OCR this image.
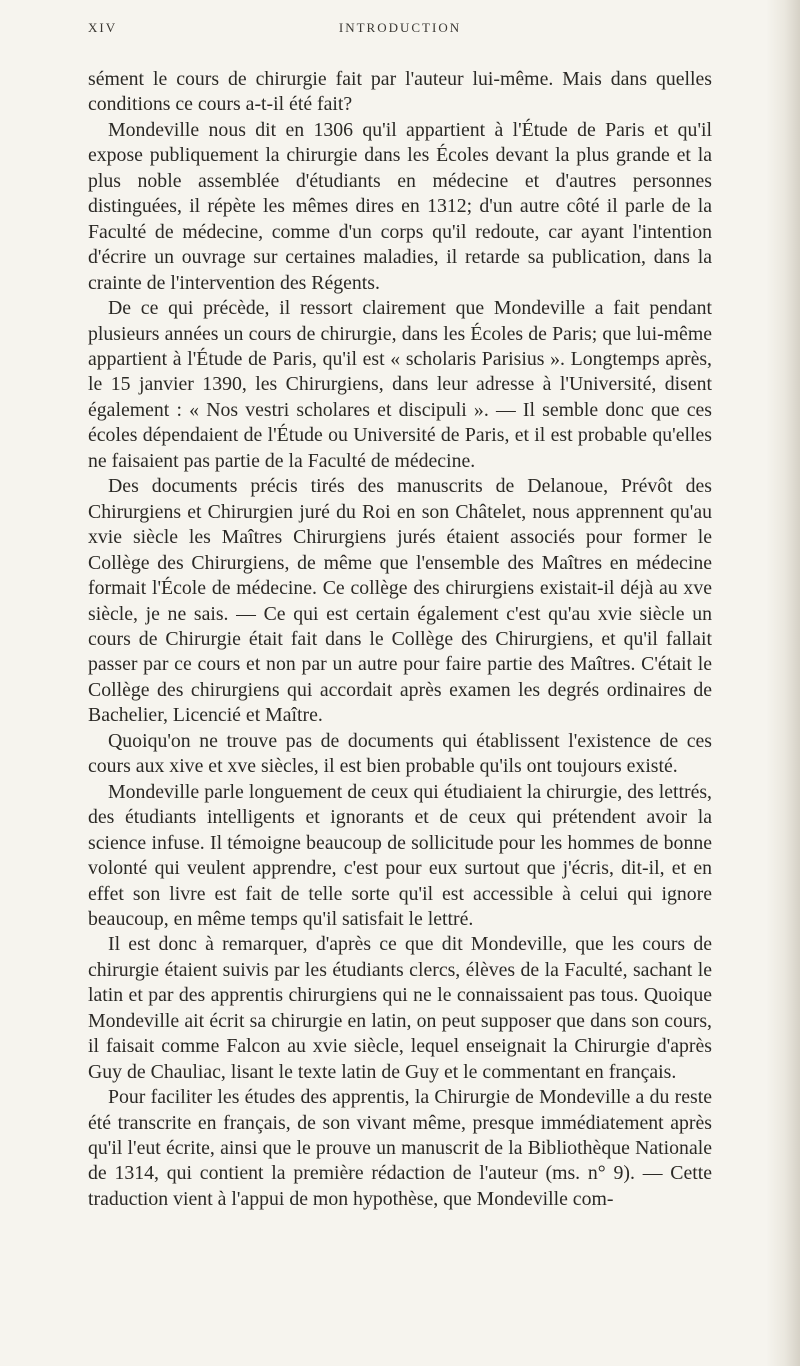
XIV	INTRODUCTION

sément le cours de chirurgie fait par l'auteur lui-même. Mais dans quelles conditions ce cours a-t-il été fait?

Mondeville nous dit en 1306 qu'il appartient à l'Étude de Paris et qu'il expose publiquement la chirurgie dans les Écoles devant la plus grande et la plus noble assemblée d'étudiants en médecine et d'autres personnes distinguées, il répète les mêmes dires en 1312; d'un autre côté il parle de la Faculté de médecine, comme d'un corps qu'il redoute, car ayant l'intention d'écrire un ouvrage sur certaines maladies, il retarde sa publication, dans la crainte de l'intervention des Régents.

De ce qui précède, il ressort clairement que Mondeville a fait pendant plusieurs années un cours de chirurgie, dans les Écoles de Paris; que lui-même appartient à l'Étude de Paris, qu'il est « scholaris Parisius ». Longtemps après, le 15 janvier 1390, les Chirurgiens, dans leur adresse à l'Université, disent également : « Nos vestri scholares et discipuli ». — Il semble donc que ces écoles dépendaient de l'Étude ou Université de Paris, et il est probable qu'elles ne faisaient pas partie de la Faculté de médecine.

Des documents précis tirés des manuscrits de Delanoue, Prévôt des Chirurgiens et Chirurgien juré du Roi en son Châtelet, nous apprennent qu'au xvie siècle les Maîtres Chirurgiens jurés étaient associés pour former le Collège des Chirurgiens, de même que l'ensemble des Maîtres en médecine formait l'École de médecine. Ce collège des chirurgiens existait-il déjà au xve siècle, je ne sais. — Ce qui est certain également c'est qu'au xvie siècle un cours de Chirurgie était fait dans le Collège des Chirurgiens, et qu'il fallait passer par ce cours et non par un autre pour faire partie des Maîtres. C'était le Collège des chirurgiens qui accordait après examen les degrés ordinaires de Bachelier, Licencié et Maître.

Quoiqu'on ne trouve pas de documents qui établissent l'existence de ces cours aux xive et xve siècles, il est bien probable qu'ils ont toujours existé.

Mondeville parle longuement de ceux qui étudiaient la chirurgie, des lettrés, des étudiants intelligents et ignorants et de ceux qui prétendent avoir la science infuse. Il témoigne beaucoup de sollicitude pour les hommes de bonne volonté qui veulent apprendre, c'est pour eux surtout que j'écris, dit-il, et en effet son livre est fait de telle sorte qu'il est accessible à celui qui ignore beaucoup, en même temps qu'il satisfait le lettré.

Il est donc à remarquer, d'après ce que dit Mondeville, que les cours de chirurgie étaient suivis par les étudiants clercs, élèves de la Faculté, sachant le latin et par des apprentis chirurgiens qui ne le connaissaient pas tous. Quoique Mondeville ait écrit sa chirurgie en latin, on peut supposer que dans son cours, il faisait comme Falcon au xvie siècle, lequel enseignait la Chirurgie d'après Guy de Chauliac, lisant le texte latin de Guy et le commentant en français.

Pour faciliter les études des apprentis, la Chirurgie de Mondeville a du reste été transcrite en français, de son vivant même, presque immédiatement après qu'il l'eut écrite, ainsi que le prouve un manuscrit de la Bibliothèque Nationale de 1314, qui contient la première rédaction de l'auteur (ms. n° 9). — Cette traduction vient à l'appui de mon hypothèse, que Mondeville com-
